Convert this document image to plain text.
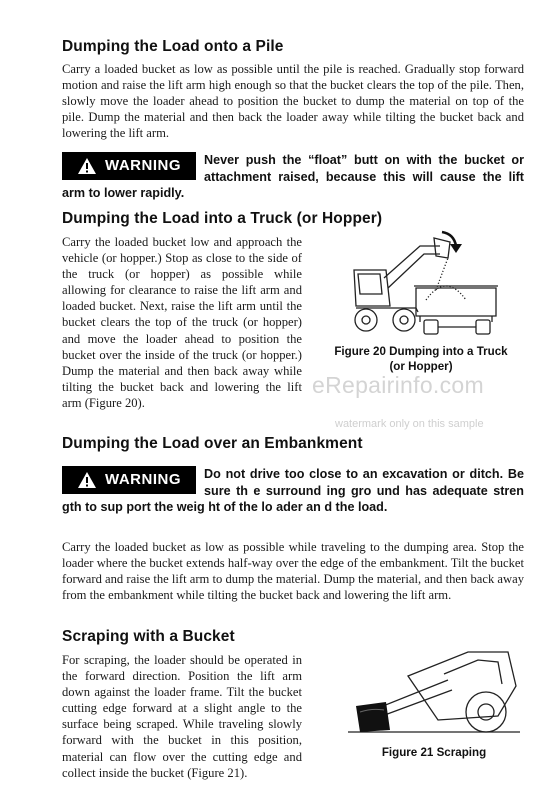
Dumping the Load onto a Pile

Carry a loaded bucket as low as possible until the pile is reached. Gradually stop forward motion and raise the lift arm high enough so that the bucket clears the top of the pile. Then, slowly move the loader ahead to position the bucket to dump the material on top of the pile. Dump the material and then back the loader away while tilting the bucket back and lowering the lift arm.

WARNING Never push the “float” butt on with the bucket or attachment raised, because this will cause the lift arm to lower rapidly.
Dumping the Load into a Truck (or Hopper)

Carry the loaded bucket low and approach the vehicle (or hopper.) Stop as close to the side of the truck (or hopper) as possible while allowing for clearance to raise the lift arm and loaded bucket. Next, raise the lift arm until the bucket clears the top of the truck (or hopper) and move the loader ahead to position the bucket over the inside of the truck (or hopper.) Dump the material and then back away while tilting the bucket back and lowering the lift arm (Figure 20).

Figure 20 Dumping into a Truck
(or Hopper)
eRepairinfo.com
watermark only on this sample
Dumping the Load over an Embankment
WARNING Do not drive too close to an excavation or ditch. Be sure th e surround ing gro und has adequate stren gth to sup port the weig ht of the lo ader an d the load.

Carry the loaded bucket as low as possible while traveling to the dumping area. Stop the loader where the bucket extends half-way over the edge of the embankment. Tilt the bucket forward and raise the lift arm to dump the material. Dump the material, and then back away from the embankment while tilting the bucket back and lowering the lift arm.

Scraping with a Bucket

For scraping, the loader should be operated in the forward direction. Position the lift arm down against the loader frame. Tilt the bucket cutting edge forward at a slight angle to the surface being scraped. While traveling slowly forward with the bucket in this position, material can flow over the cutting edge and collect inside the bucket (Figure 21).

Figure 21 Scraping
